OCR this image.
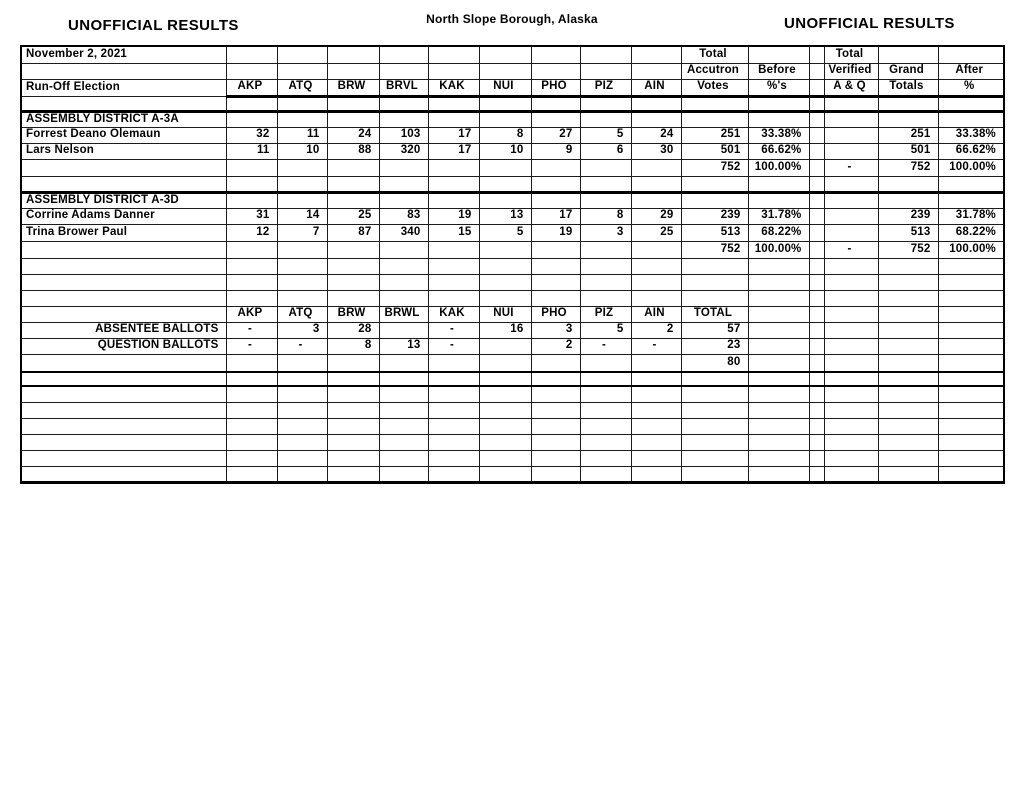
UNOFFICIAL RESULTS	North Slope Borough, Alaska	UNOFFICIAL RESULTS
November 2, 2021										Total			Total		
										Accutron	Before		Verified	Grand	After
Run-Off Election	AKP	ATQ	BRW	BRVL	KAK	NUI	PHO	PIZ	AIN	Votes	%'s		A & Q	Totals	%

ASSEMBLY DISTRICT A-3A															
Forrest Deano Olemaun	32	11	24	103	17	8	27	5	24	251	33.38%			251	33.38%
Lars Nelson	11	10	88	320	17	10	9	6	30	501	66.62%			501	66.62%
										752	100.00%		-	752	100.00%

ASSEMBLY DISTRICT A-3D															
Corrine Adams Danner	31	14	25	83	19	13	17	8	29	239	31.78%			239	31.78%
Trina Brower Paul	12	7	87	340	15	5	19	3	25	513	68.22%			513	68.22%
										752	100.00%		-	752	100.00%

	AKP	ATQ	BRW	BRWL	KAK	NUI	PHO	PIZ	AIN	TOTAL					
ABSENTEE BALLOTS	-	3	28		-	16	3	5	2	57					
QUESTION BALLOTS	-	-	8	13	-		2	-	-	23					
										80					
